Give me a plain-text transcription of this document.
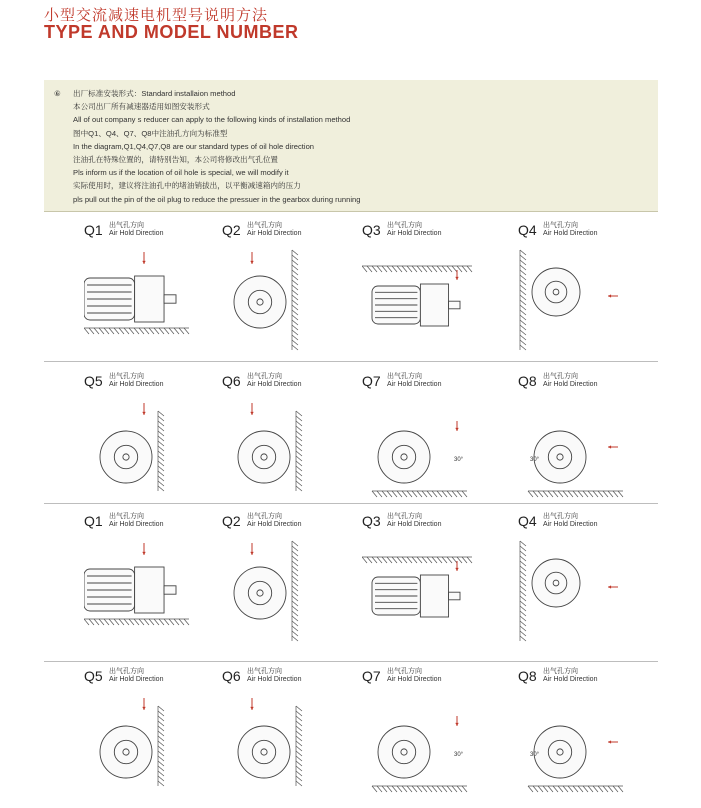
小型交流减速电机型号说明方法
TYPE AND MODEL NUMBER
⑥ 出厂标准安装形式：Standard installaion method
本公司出厂所有减速器适用如图安装形式
All of out company s reducer can apply to the following kinds of installation method
图中Q1、Q4、Q7、Q8中注油孔方向为标准型
In the diagram,Q1,Q4,Q7,Q8 are our standard types of oil hole direction
注油孔在特殊位置的，请特别告知，本公司将修改出气孔位置
Pls inform us if the location of oil hole is special, we will modify it
实际使用时，建议将注油孔中的堵油销拔出，以平衡减速箱内的压力
pls pull out the pin of the oil plug to reduce the pressuer in the gearbox during running
Q1 出气孔方向
Air Hold Direction	Q2 出气孔方向
Air Hold Direction	Q3 出气孔方向
Air Hold Direction	Q4 出气孔方向
Air Hold Direction
Q5 出气孔方向
Air Hold Direction	Q6 出气孔方向
Air Hold Direction	Q7 出气孔方向
Air Hold Direction
30°
Q8 出气孔方向
Air Hold Direction
30°
Q1 出气孔方向
Air Hold Direction	Q2 出气孔方向
Air Hold Direction	Q3 出气孔方向
Air Hold Direction	Q4 出气孔方向
Air Hold Direction
Q5 出气孔方向
Air Hold Direction	Q6 出气孔方向
Air Hold Direction	Q7 出气孔方向
Air Hold Direction
30°
Q8 出气孔方向
Air Hold Direction
30°
